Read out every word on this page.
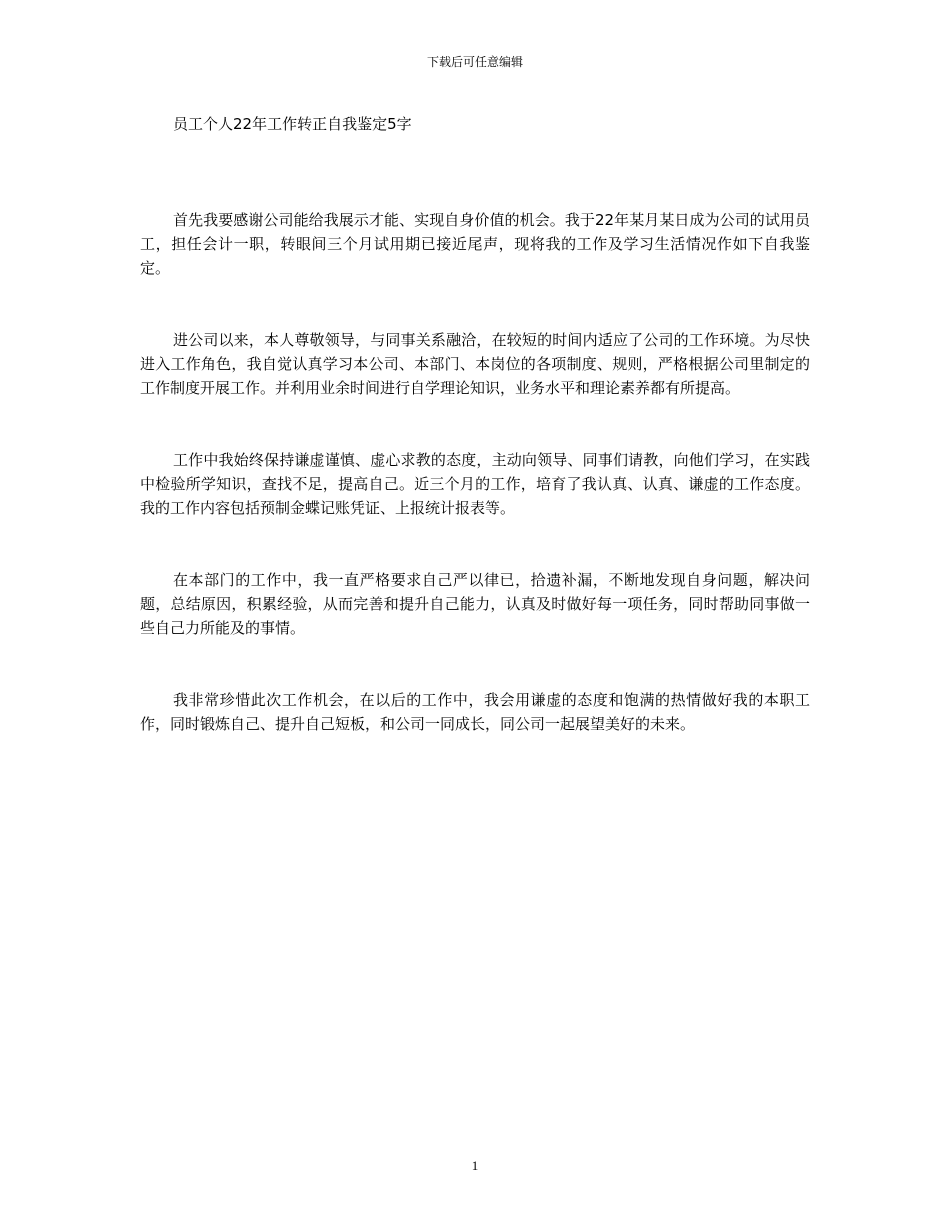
下载后可任意编辑
员工个人22年工作转正自我鉴定5字

首先我要感谢公司能给我展示才能、实现自身价值的机会。我于22年某月某日成为公司的试用员工，担任会计一职，转眼间三个月试用期已接近尾声，现将我的工作及学习生活情况作如下自我鉴定。

进公司以来，本人尊敬领导，与同事关系融洽，在较短的时间内适应了公司的工作环境。为尽快进入工作角色，我自觉认真学习本公司、本部门、本岗位的各项制度、规则，严格根据公司里制定的工作制度开展工作。并利用业余时间进行自学理论知识，业务水平和理论素养都有所提高。

工作中我始终保持谦虚谨慎、虚心求教的态度，主动向领导、同事们请教，向他们学习，在实践中检验所学知识，查找不足，提高自己。近三个月的工作，培育了我认真、认真、谦虚的工作态度。我的工作内容包括预制金蝶记账凭证、上报统计报表等。

在本部门的工作中，我一直严格要求自己严以律已，拾遗补漏，不断地发现自身问题，解决问题，总结原因，积累经验，从而完善和提升自己能力，认真及时做好每一项任务，同时帮助同事做一些自己力所能及的事情。

我非常珍惜此次工作机会，在以后的工作中，我会用谦虚的态度和饱满的热情做好我的本职工作，同时锻炼自己、提升自己短板，和公司一同成长，同公司一起展望美好的未来。

1
